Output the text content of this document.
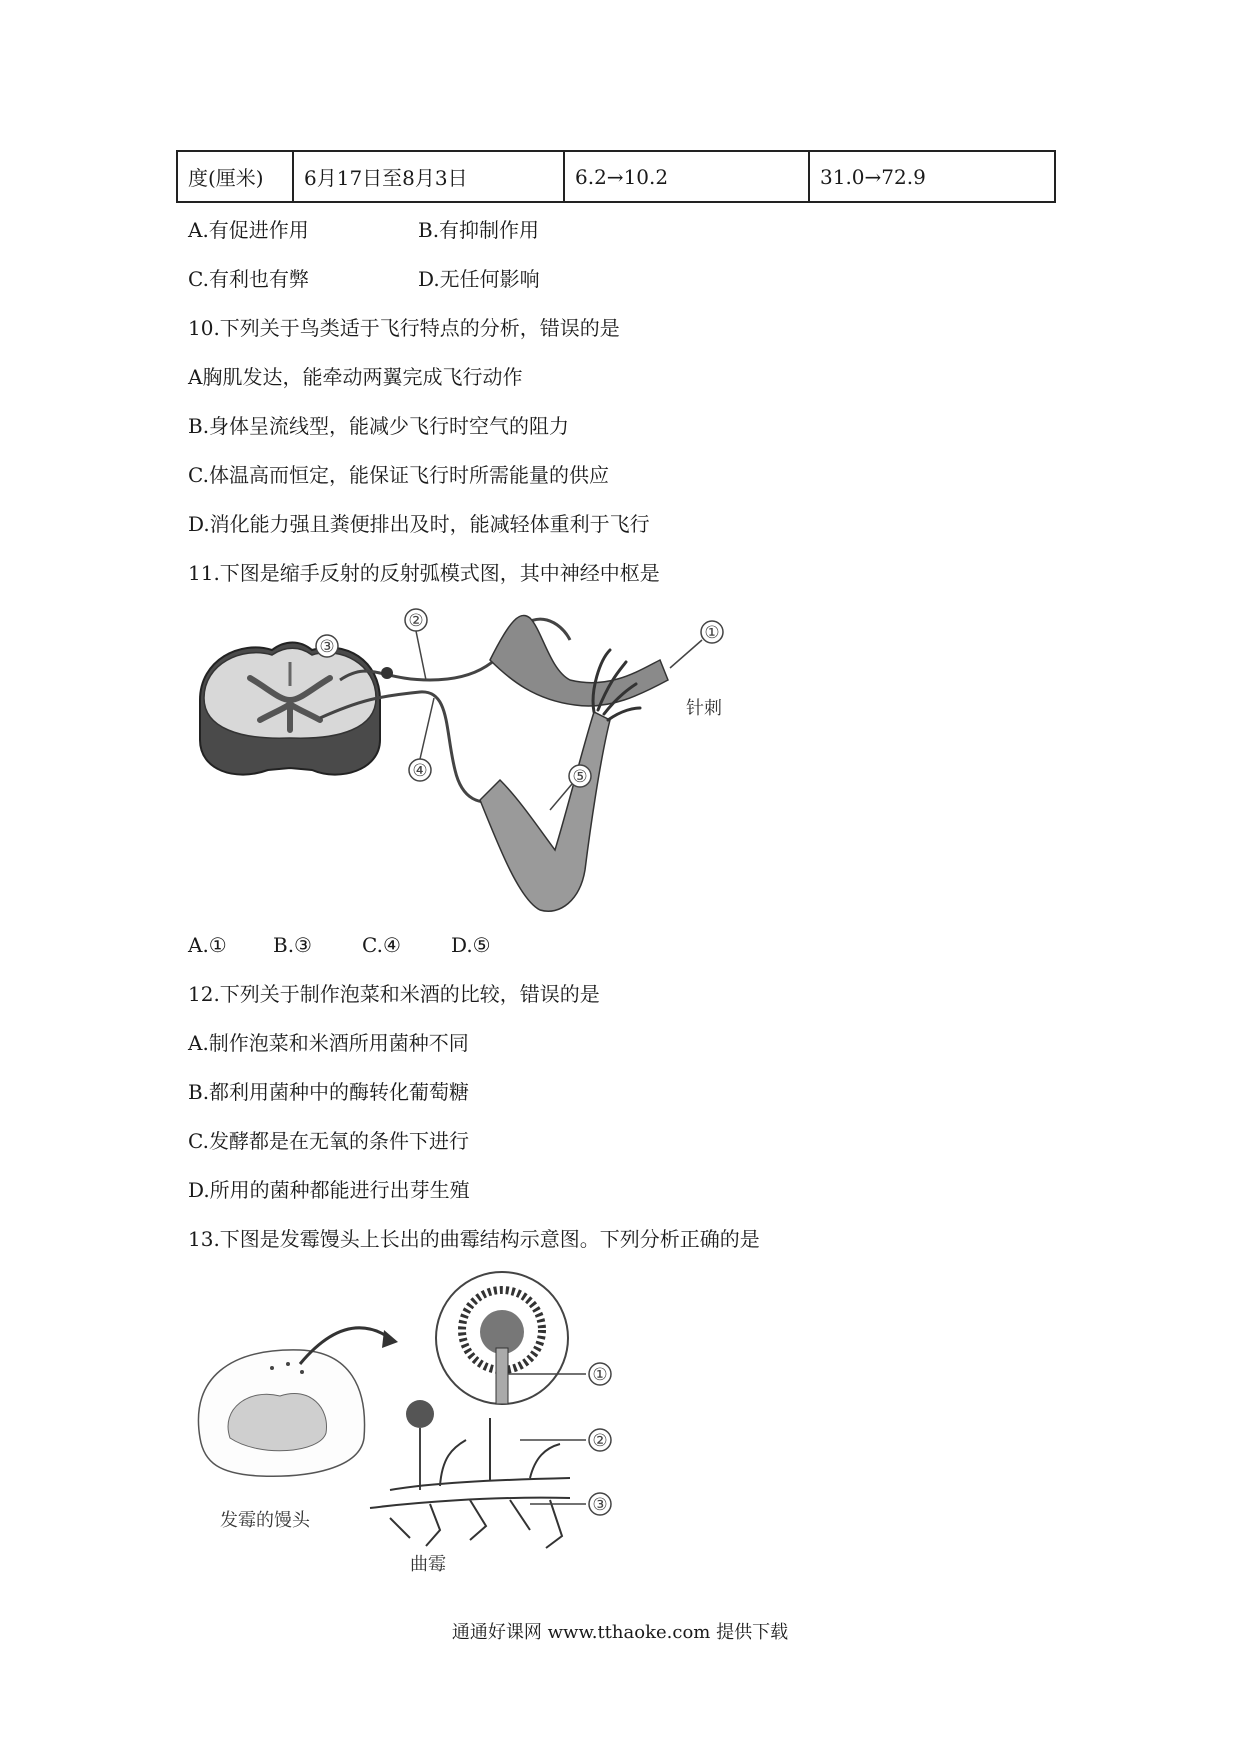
度(厘米)	6月17日至8月3日	6.2→10.2	31.0→72.9
A.有促进作用	B.有抑制作用
C.有利也有弊	D.无任何影响
10.下列关于鸟类适于飞行特点的分析，错误的是
A胸肌发达，能牵动两翼完成飞行动作
B.身体呈流线型，能减少飞行时空气的阻力
C.体温高而恒定，能保证飞行时所需能量的供应
D.消化能力强且粪便排出及时，能减轻体重利于飞行
11.下图是缩手反射的反射弧模式图，其中神经中枢是
②
①
针刺
④	⑤
③
A.① B.③	C.④	D.⑤
12.下列关于制作泡菜和米酒的比较，错误的是
A.制作泡菜和米酒所用菌种不同
B.都利用菌种中的酶转化葡萄糖
C.发酵都是在无氧的条件下进行
D.所用的菌种都能进行出芽生殖
13.下图是发霉馒头上长出的曲霉结构示意图。下列分析正确的是
发霉的馒头
曲霉
①
②
③
通通好课网 www.tthaoke.com 提供下载
